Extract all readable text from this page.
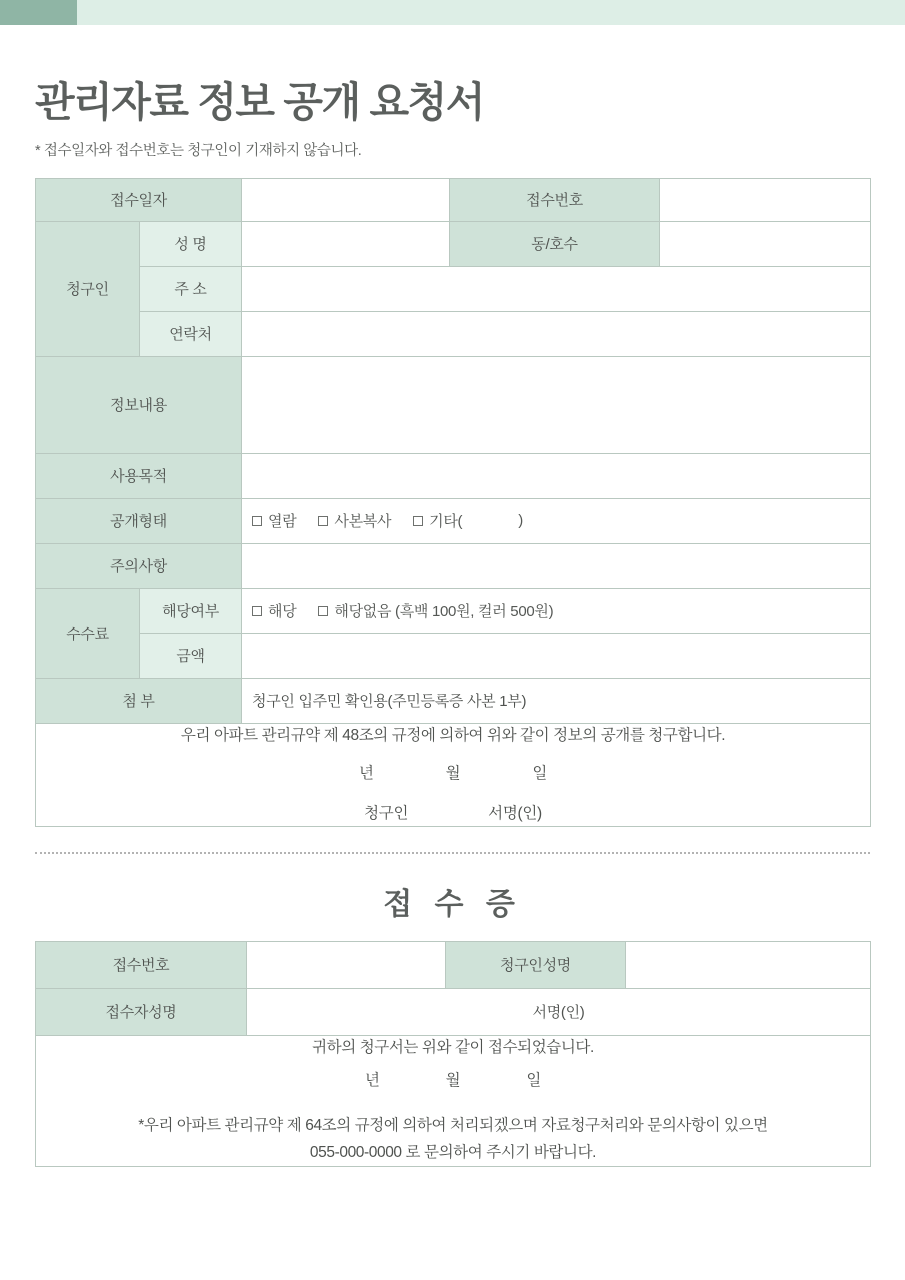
관리자료 정보 공개 요청서
* 접수일자와 접수번호는 청구인이 기재하지 않습니다.
접수일자			접수번호	
청구인	성 명		동/호수	
	주 소			
	연락처			
정보내용				
사용목적				
공개형태		열람 사본복사 기타( )		

주의사항				
수수료	해당여부	해당 해당없음 (흑백 100원, 컬러 500원)		

	금액			
첨 부		청구인 입주민 확인용(주민등록증 사본 1부)		

우리 아파트 관리규약 제 48조의 규정에 의하여 위와 같이 정보의 공개를 청구합니다.
년 월 일
청구인 서명(인)				
접 수 증
접수번호		청구인성명	
접수자성명	서명(인)		

귀하의 청구서는 위와 같이 접수되었습니다.
년 월 일
*우리 아파트 관리규약 제 64조의 규정에 의하여 처리되겠으며 자료청구처리와 문의사항이 있으면
055-000-0000 로 문의하여 주시기 바랍니다.			
